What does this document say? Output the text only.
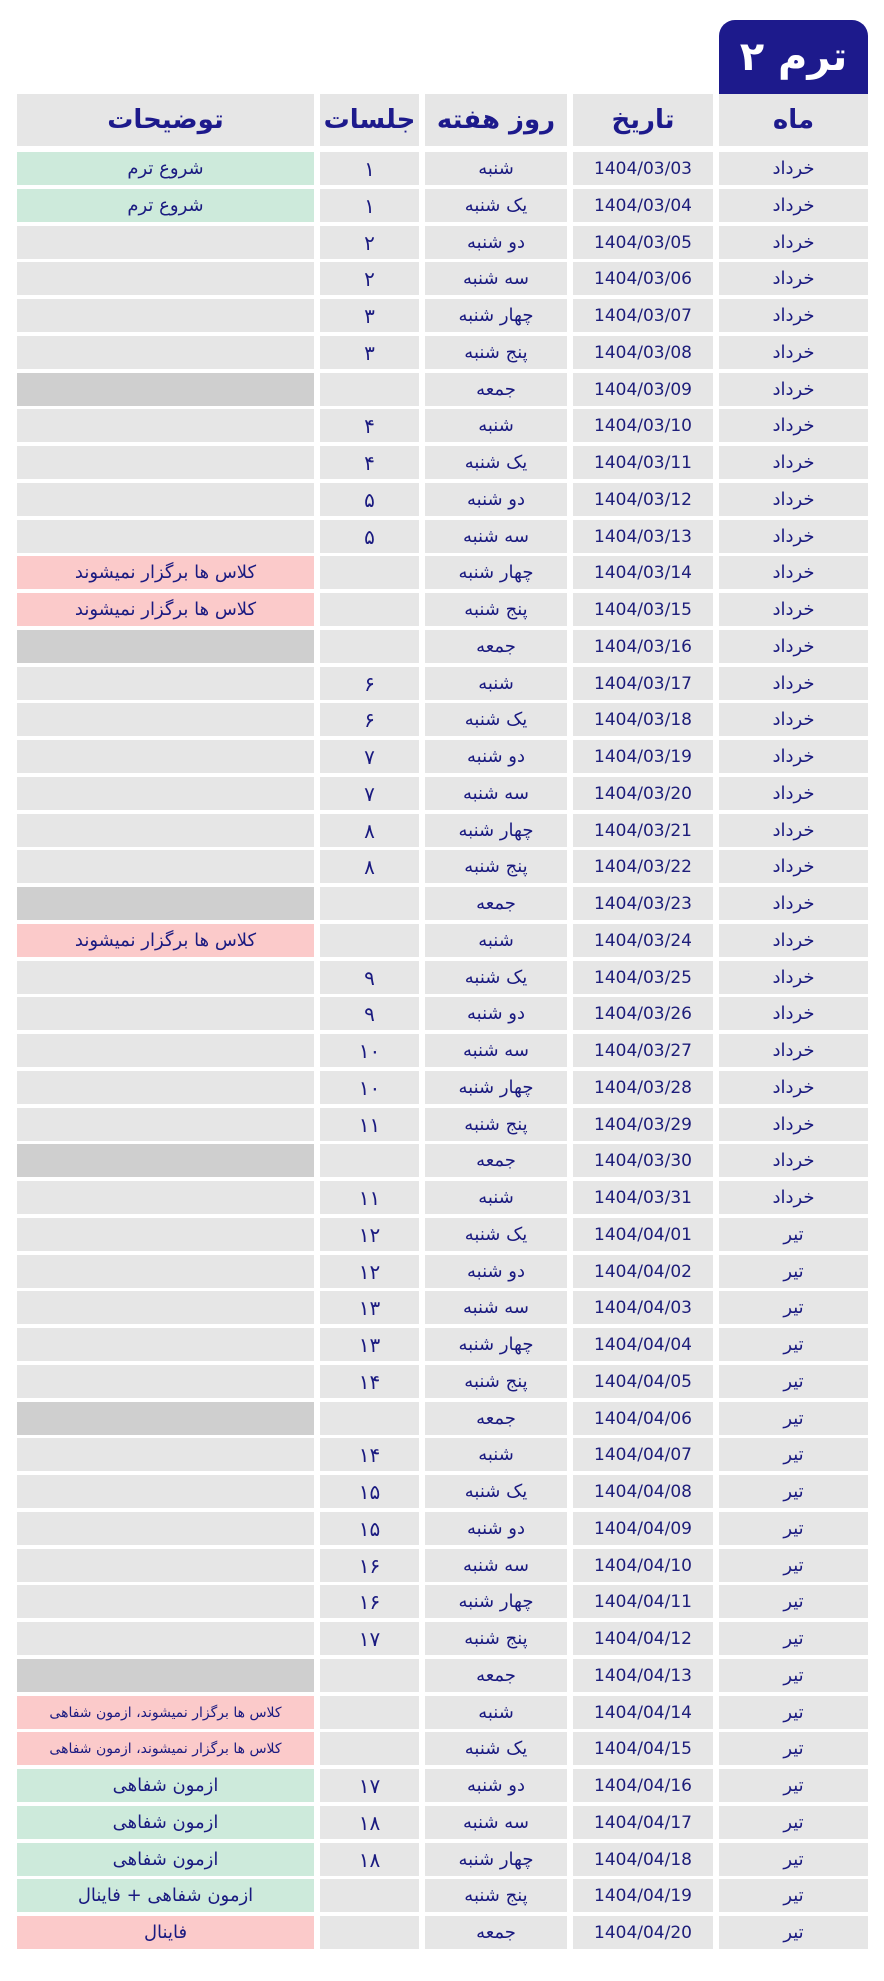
ترم ۲
ماه
تاریخ
روز هفته
جلسات
توضیحات
خرداد
1404/03/03
شنبه
۱
شروع ترم
خرداد
1404/03/04
یک شنبه
۱
شروع ترم
خرداد
1404/03/05
دو شنبه
۲
خرداد
1404/03/06
سه شنبه
۲
خرداد
1404/03/07
چهار شنبه
۳
خرداد
1404/03/08
پنج شنبه
۳
خرداد
1404/03/09
جمعه
خرداد
1404/03/10
شنبه
۴
خرداد
1404/03/11
یک شنبه
۴
خرداد
1404/03/12
دو شنبه
۵
خرداد
1404/03/13
سه شنبه
۵
خرداد
1404/03/14
چهار شنبه
کلاس ها برگزار نمیشوند
خرداد
1404/03/15
پنج شنبه
کلاس ها برگزار نمیشوند
خرداد
1404/03/16
جمعه
خرداد
1404/03/17
شنبه
۶
خرداد
1404/03/18
یک شنبه
۶
خرداد
1404/03/19
دو شنبه
۷
خرداد
1404/03/20
سه شنبه
۷
خرداد
1404/03/21
چهار شنبه
۸
خرداد
1404/03/22
پنج شنبه
۸
خرداد
1404/03/23
جمعه
خرداد
1404/03/24
شنبه
کلاس ها برگزار نمیشوند
خرداد
1404/03/25
یک شنبه
۹
خرداد
1404/03/26
دو شنبه
۹
خرداد
1404/03/27
سه شنبه
۱۰
خرداد
1404/03/28
چهار شنبه
۱۰
خرداد
1404/03/29
پنج شنبه
۱۱
خرداد
1404/03/30
جمعه
خرداد
1404/03/31
شنبه
۱۱
تیر
1404/04/01
یک شنبه
۱۲
تیر
1404/04/02
دو شنبه
۱۲
تیر
1404/04/03
سه شنبه
۱۳
تیر
1404/04/04
چهار شنبه
۱۳
تیر
1404/04/05
پنج شنبه
۱۴
تیر
1404/04/06
جمعه
تیر
1404/04/07
شنبه
۱۴
تیر
1404/04/08
یک شنبه
۱۵
تیر
1404/04/09
دو شنبه
۱۵
تیر
1404/04/10
سه شنبه
۱۶
تیر
1404/04/11
چهار شنبه
۱۶
تیر
1404/04/12
پنج شنبه
۱۷
تیر
1404/04/13
جمعه
تیر
1404/04/14
شنبه
کلاس ها برگزار نمیشوند، ازمون شفاهی
تیر
1404/04/15
یک شنبه
کلاس ها برگزار نمیشوند، ازمون شفاهی
تیر
1404/04/16
دو شنبه
۱۷
ازمون شفاهی
تیر
1404/04/17
سه شنبه
۱۸
ازمون شفاهی
تیر
1404/04/18
چهار شنبه
۱۸
ازمون شفاهی
تیر
1404/04/19
پنج شنبه
ازمون شفاهی + فاینال
تیر
1404/04/20
جمعه
فاینال
